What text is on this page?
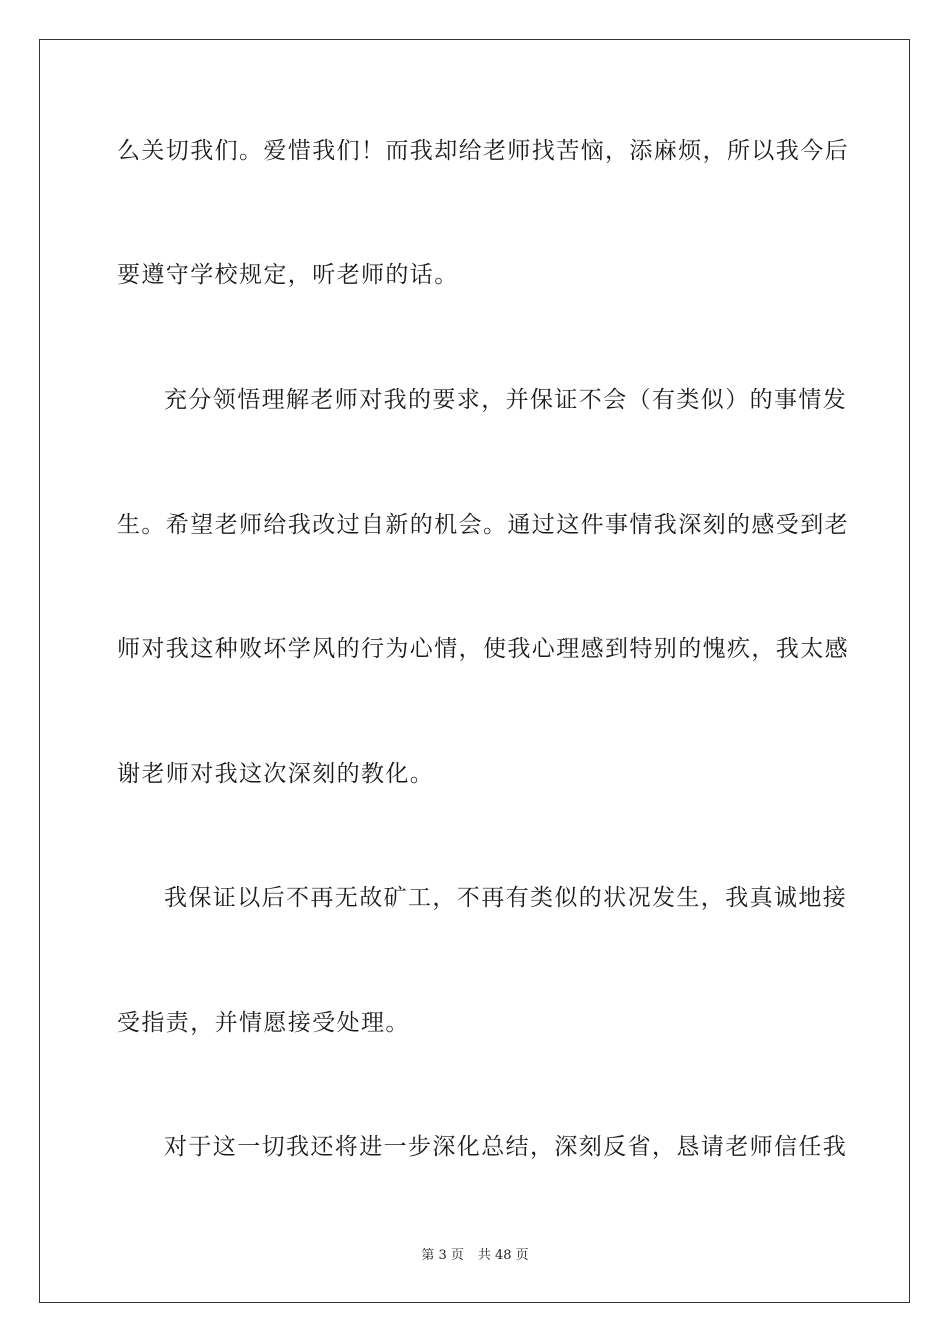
么关切我们。爱惜我们！而我却给老师找苦恼，添麻烦，所以我今后
要遵守学校规定，听老师的话。
充分领悟理解老师对我的要求，并保证不会（有类似）的事情发
生。希望老师给我改过自新的机会。通过这件事情我深刻的感受到老
师对我这种败坏学风的行为心情，使我心理感到特别的愧疚，我太感
谢老师对我这次深刻的教化。
我保证以后不再无故矿工，不再有类似的状况发生，我真诚地接
受指责，并情愿接受处理。
对于这一切我还将进一步深化总结，深刻反省，恳请老师信任我
第 3 页 共 48 页
